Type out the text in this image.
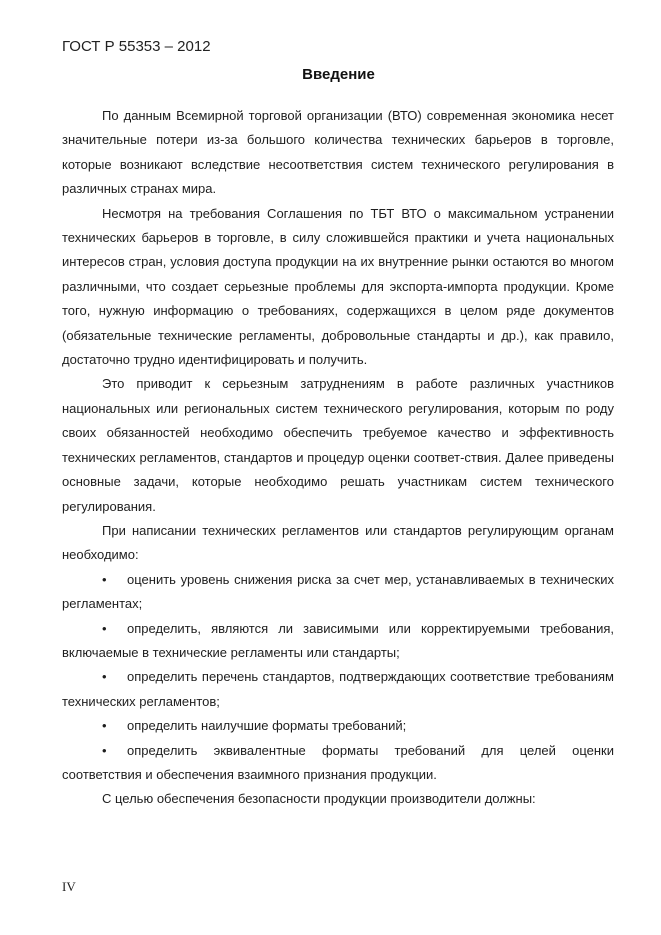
ГОСТ Р 55353 – 2012
Введение

По данным Всемирной торговой организации (ВТО) современная экономика несет значительные потери из-за большого количества технических барьеров в торговле, которые возникают вследствие несоответствия систем технического регулирования в различных странах мира.

Несмотря на требования Соглашения по ТБТ ВТО о максимальном устранении технических барьеров в торговле, в силу сложившейся практики и учета национальных интересов стран, условия доступа продукции на их внутренние рынки остаются во многом различными, что создает серьезные проблемы для экспорта-импорта продукции. Кроме того, нужную информацию о требованиях, содержащихся в целом ряде документов (обязательные технические регламенты, добровольные стандарты и др.), как правило, достаточно трудно идентифицировать и получить.

Это приводит к серьезным затруднениям в работе различных участников национальных или региональных систем технического регулирования, которым по роду своих обязанностей необходимо обеспечить требуемое качество и эффективность технических регламентов, стандартов и процедур оценки соответ-ствия. Далее приведены основные задачи, которые необходимо решать участникам систем технического регулирования.

При написании технических регламентов или стандартов регулирующим органам необходимо:

• оценить уровень снижения риска за счет мер, устанавливаемых в технических регламентах;
• определить, являются ли зависимыми или корректируемыми требования, включаемые в технические регламенты или стандарты;
• определить перечень стандартов, подтверждающих соответствие требованиям технических регламентов;
• определить наилучшие форматы требований;
• определить эквивалентные форматы требований для целей оценки соответствия и обеспечения взаимного признания продукции.

С целью обеспечения безопасности продукции производители должны:

IV
